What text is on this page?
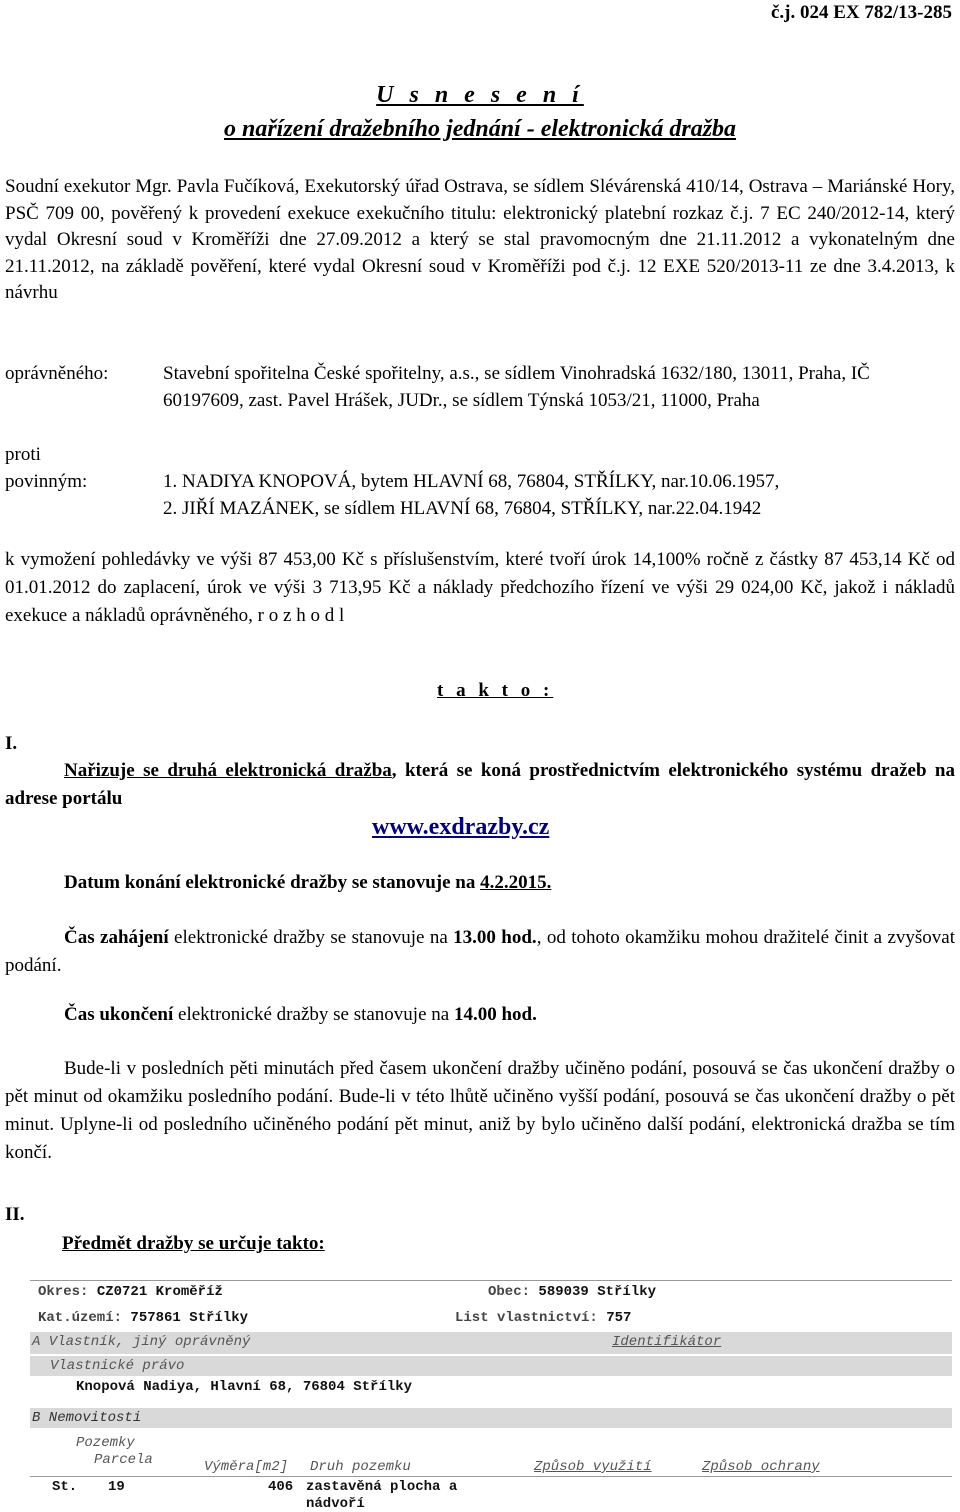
č.j. 024 EX 782/13-285
U s n e s e n í
o nařízení dražebního jednání - elektronická dražba
Soudní exekutor Mgr. Pavla Fučíková, Exekutorský úřad Ostrava, se sídlem Slévárenská 410/14, Ostrava – Mariánské Hory, PSČ 709 00, pověřený k provedení exekuce exekučního titulu: elektronický platební rozkaz č.j. 7 EC 240/2012-14, který vydal Okresní soud v Kroměříži dne 27.09.2012 a který se stal pravomocným dne 21.11.2012 a vykonatelným dne 21.11.2012, na základě pověření, které vydal Okresní soud v Kroměříži pod č.j. 12 EXE 520/2013-11 ze dne 3.4.2013, k návrhu
oprávněného:	Stavební spořitelna České spořitelny, a.s., se sídlem Vinohradská 1632/180, 13011, Praha, IČ 60197609, zast. Pavel Hrášek, JUDr., se sídlem Týnská 1053/21, 11000, Praha
proti
povinným:	1. NADIYA KNOPOVÁ, bytem HLAVNÍ 68, 76804, STŘÍLKY, nar.10.06.1957,
2. JIŘÍ MAZÁNEK, se sídlem HLAVNÍ 68, 76804, STŘÍLKY, nar.22.04.1942
k vymožení pohledávky ve výši 87 453,00 Kč s příslušenstvím, které tvoří úrok 14,100% ročně z částky 87 453,14 Kč od 01.01.2012 do zaplacení, úrok ve výši 3 713,95 Kč a náklady předchozího řízení ve výši 29 024,00 Kč, jakož i nákladů exekuce a nákladů oprávněného, r o z h o d l
t a k t o :
I.
Nařizuje se druhá elektronická dražba, která se koná prostřednictvím elektronického systému dražeb na adrese portálu
www.exdrazby.cz
Datum konání elektronické dražby se stanovuje na 4.2.2015.
Čas zahájení elektronické dražby se stanovuje na 13.00 hod., od tohoto okamžiku mohou dražitelé činit a zvyšovat podání.
Čas ukončení elektronické dražby se stanovuje na 14.00 hod.
Bude-li v posledních pěti minutách před časem ukončení dražby učiněno podání, posouvá se čas ukončení dražby o pět minut od okamžiku posledního podání. Bude-li v této lhůtě učiněno vyšší podání, posouvá se čas ukončení dražby o pět minut. Uplyne-li od posledního učiněného podání pět minut, aniž by bylo učiněno další podání, elektronická dražba se tím končí.
II.
Předmět dražby se určuje takto:
Okres: CZ0721 Kroměříž	Obec: 589039 Střílky
Kat.území: 757861 Střílky	List vlastnictví: 757
A Vlastník, jiný oprávněný	Identifikátor
Vlastnické právo
Knopová Nadiya, Hlavní 68, 76804 Střílky
B Nemovitosti
Pozemky
Parcela	Výměra[m2] Druh pozemku	Způsob využití	Způsob ochrany
St. 19	406 zastavěná plocha a
nádvoří
